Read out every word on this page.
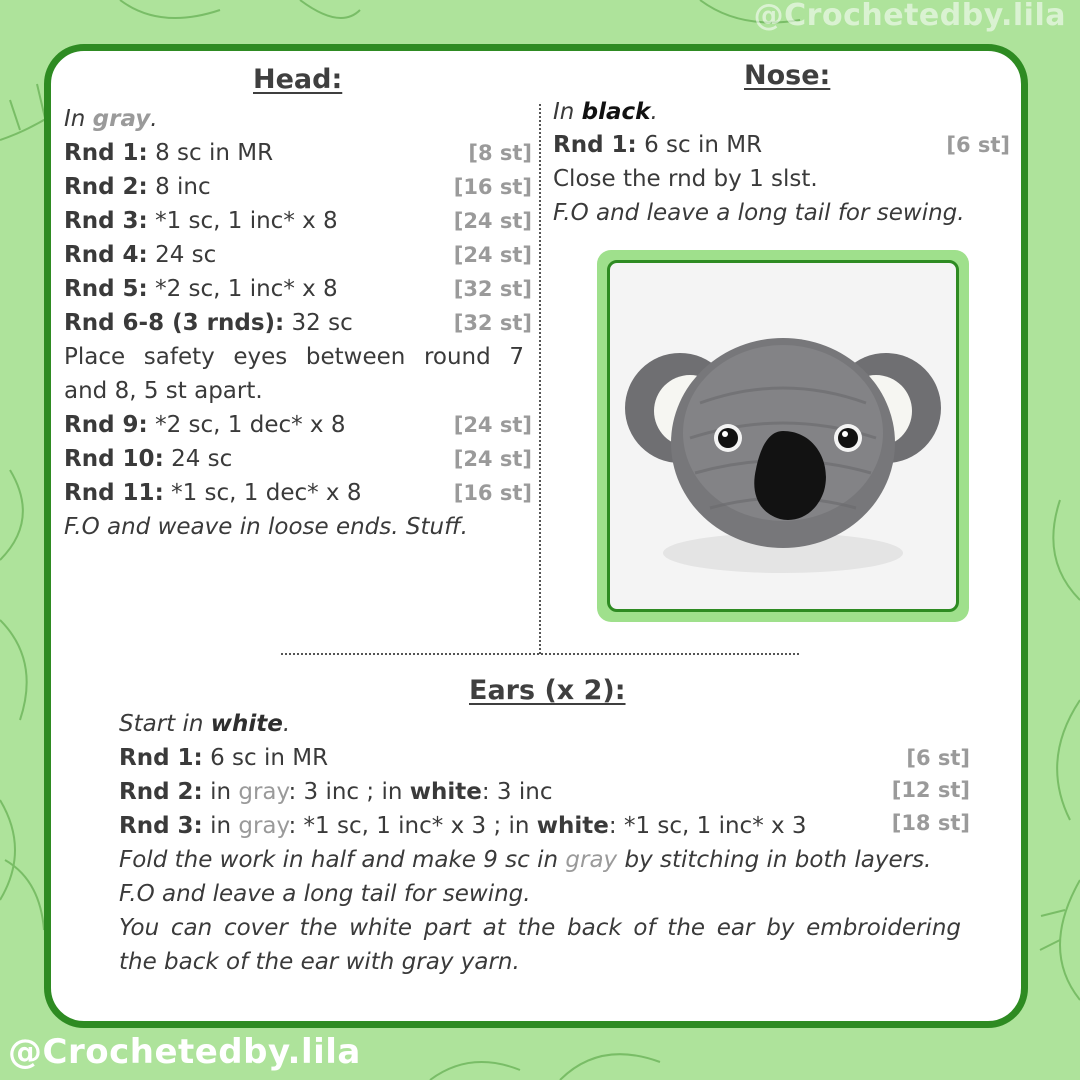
@Crochetedby.lila
Head:
In gray.
Rnd 1: 8 sc in MR	[8 st]
Rnd 2: 8 inc	[16 st]
Rnd 3: *1 sc, 1 inc* x 8	[24 st]
Rnd 4: 24 sc	[24 st]
Rnd 5: *2 sc, 1 inc* x 8	[32 st]
Rnd 6-8 (3 rnds): 32 sc	[32 st]
Place safety eyes between round 7
and 8, 5 st apart.
Rnd 9: *2 sc, 1 dec* x 8	[24 st]
Rnd 10: 24 sc	[24 st]
Rnd 11: *1 sc, 1 dec* x 8	[16 st]
F.O and weave in loose ends. Stuff.
Nose:
In black.
Rnd 1: 6 sc in MR	[6 st]
Close the rnd by 1 slst.
F.O and leave a long tail for sewing.
Ears (x 2):
Start in white.
Rnd 1: 6 sc in MR	[6 st]
Rnd 2: in gray: 3 inc ; in white: 3 inc	[12 st]
Rnd 3: in gray: *1 sc, 1 inc* x 3 ; in white: *1 sc, 1 inc* x 3	[18 st]
Fold the work in half and make 9 sc in gray by stitching in both layers.
F.O and leave a long tail for sewing.
You can cover the white part at the back of the ear by embroidering
the back of the ear with gray yarn.
@Crochetedby.lila
